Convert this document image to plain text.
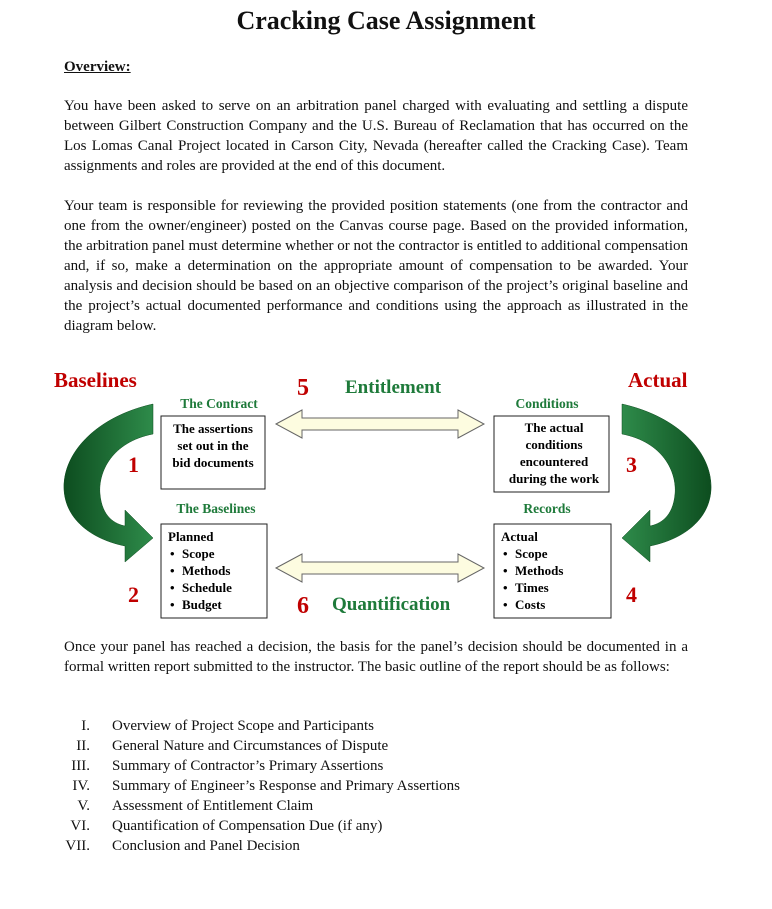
Cracking Case Assignment
Overview:

You have been asked to serve on an arbitration panel charged with evaluating and settling a dispute between Gilbert Construction Company and the U.S. Bureau of Reclamation that has occurred on the Los Lomas Canal Project located in Carson City, Nevada (hereafter called the Cracking Case). Team assignments and roles are provided at the end of this document.

Your team is responsible for reviewing the provided position statements (one from the contractor and one from the owner/engineer) posted on the Canvas course page. Based on the provided information, the arbitration panel must determine whether or not the contractor is entitled to additional compensation and, if so, make a determination on the appropriate amount of compensation to be awarded. Your analysis and decision should be based on an objective comparison of the project’s original baseline and the project’s actual documented performance and conditions using the approach as illustrated in the diagram below.

Baselines	Actual
5 Entitlement
The Contract	Conditions
The Baselines	Records
The assertions
set out in the
bid documents
The actual
conditions
encountered
during the work
Planned
• Scope
• Methods
• Schedule
• Budget
Actual
• Scope
• Methods
• Times
• Costs
6 Quantification
1
2
3
4

Once your panel has reached a decision, the basis for the panel’s decision should be documented in a formal written report submitted to the instructor. The basic outline of the report should be as follows:

I.	Overview of Project Scope and Participants
II.	General Nature and Circumstances of Dispute
III.	Summary of Contractor’s Primary Assertions
IV.	Summary of Engineer’s Response and Primary Assertions
V.	Assessment of Entitlement Claim
VI.	Quantification of Compensation Due (if any)
VII.	Conclusion and Panel Decision
